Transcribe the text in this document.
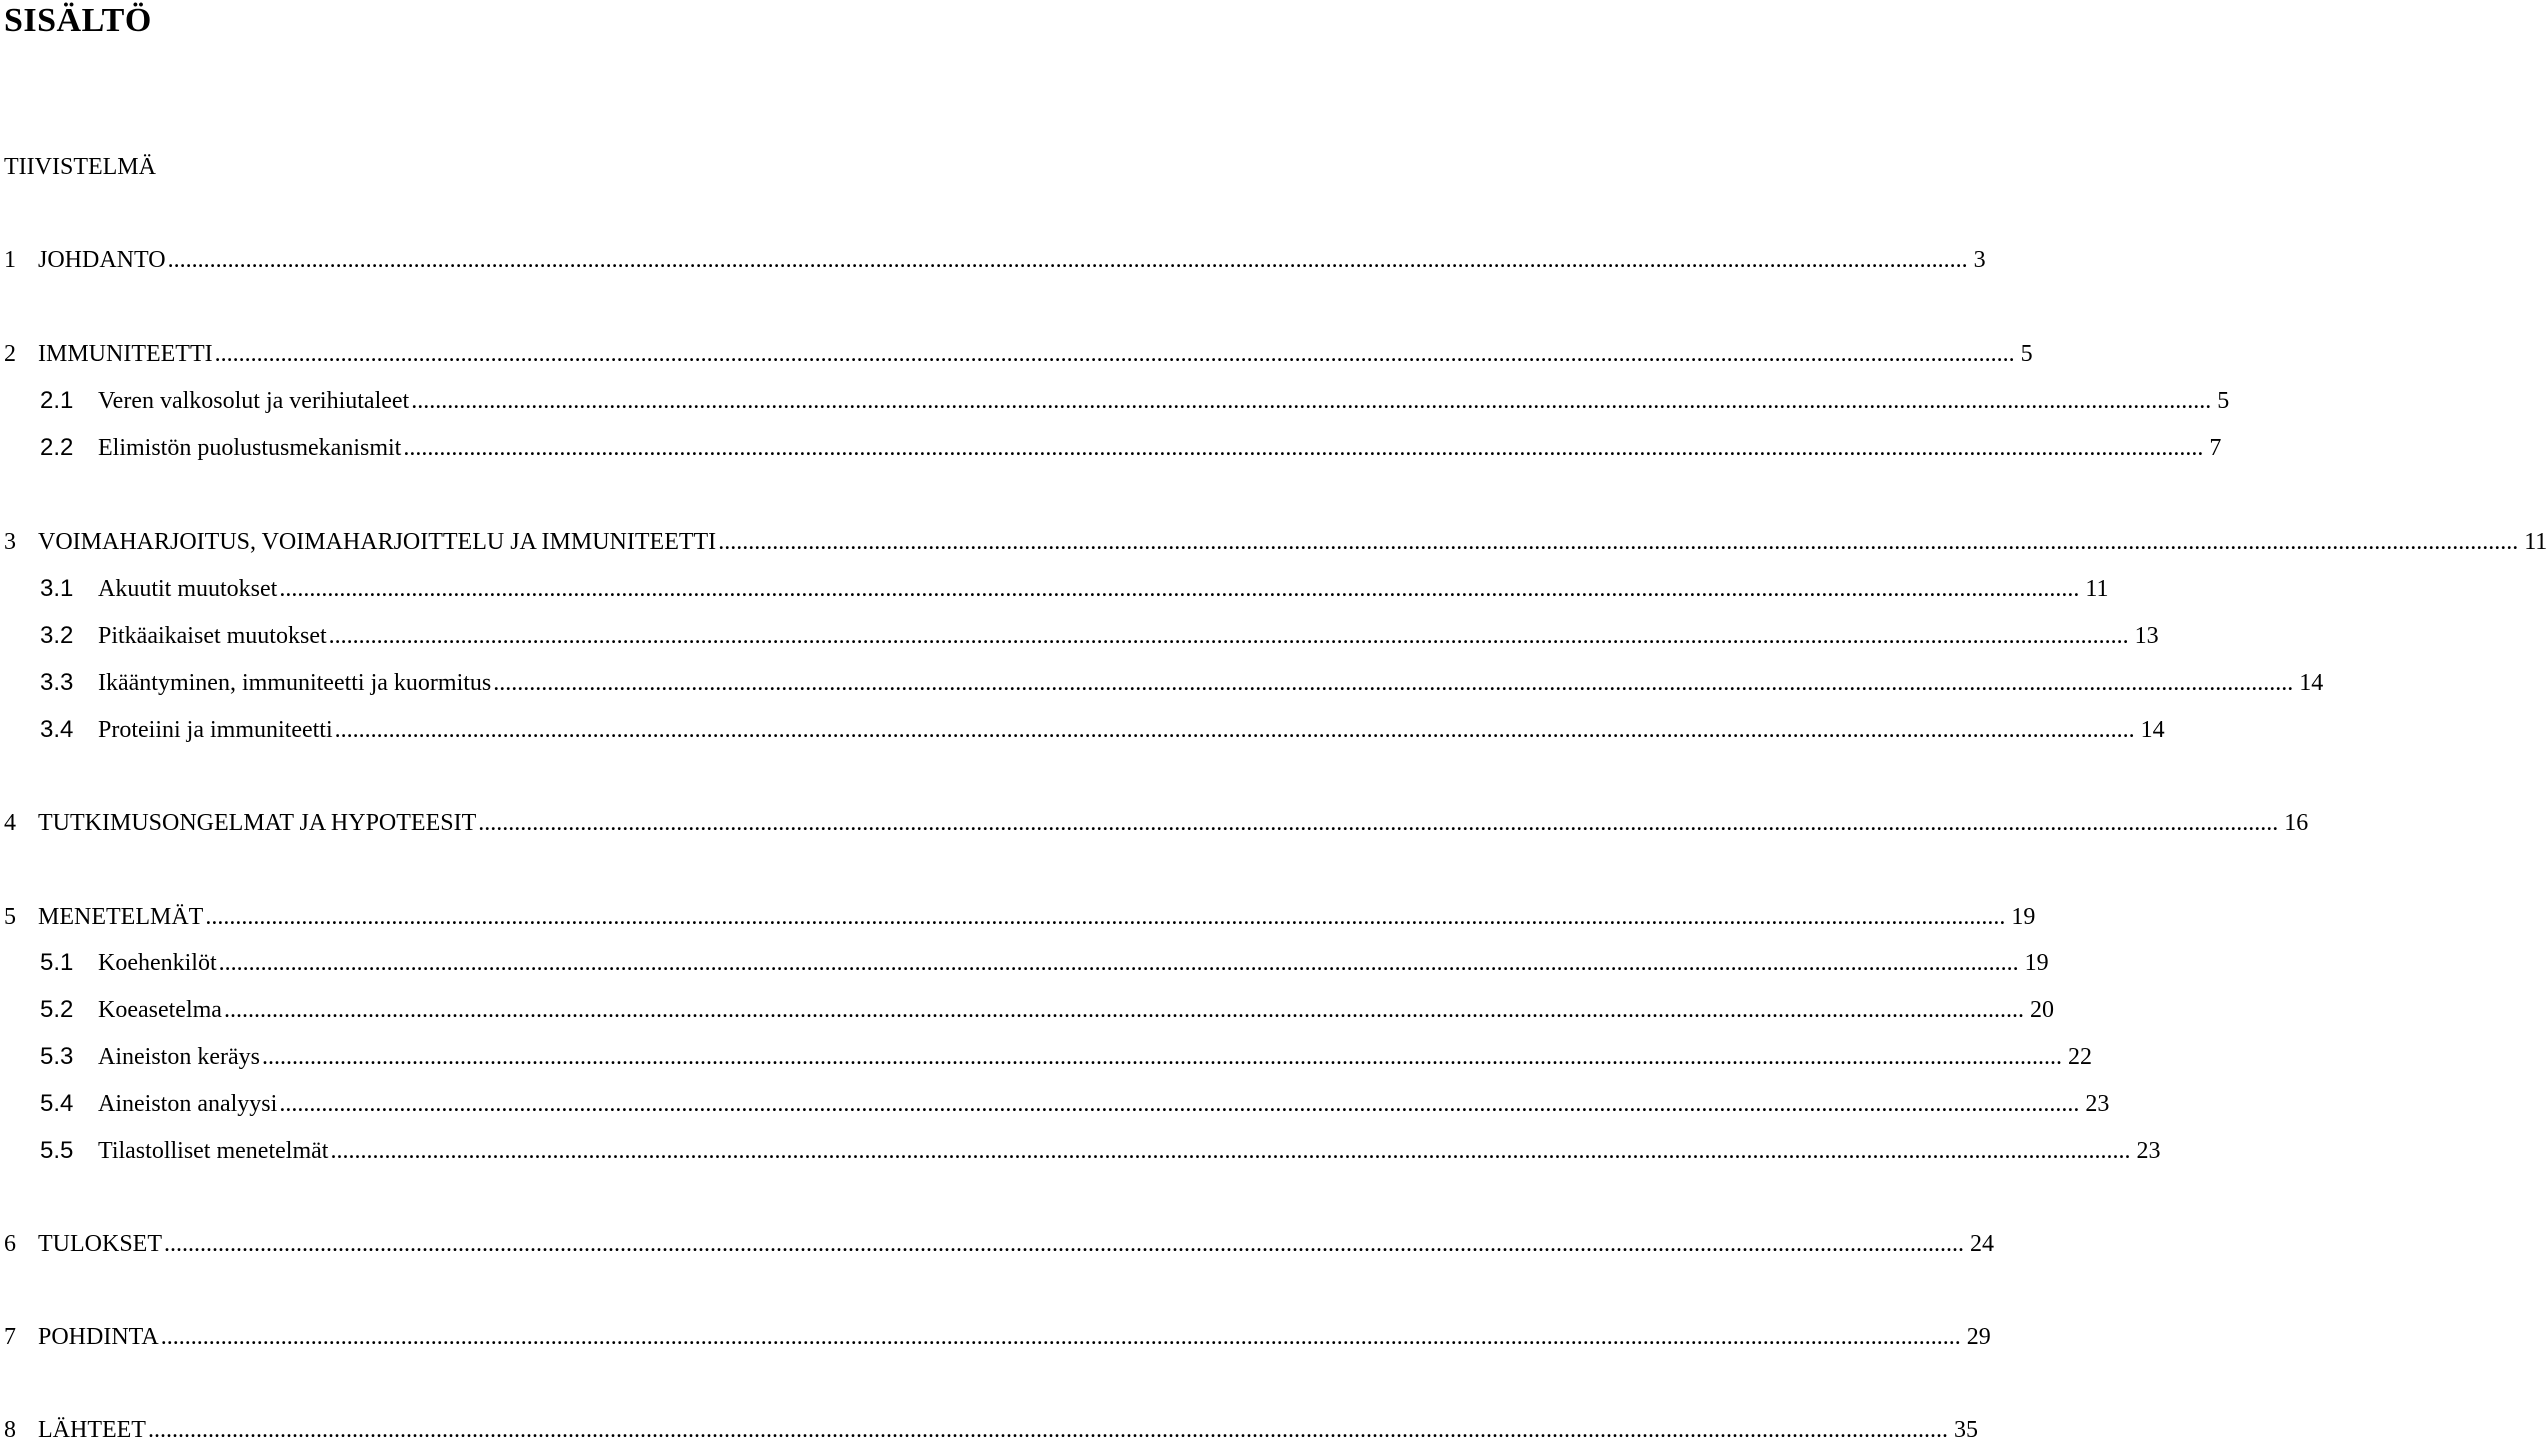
SISÄLTÖ
TIIVISTELMÄ
1 JOHDANTO ............................................................................................................................................................................................................................................................................................................ 3
2 IMMUNITEETTI ............................................................................................................................................................................................................................................................................................................ 5
2.1 Veren valkosolut ja verihiutaleet ............................................................................................................................................................................................................................................................................................................ 5
2.2 Elimistön puolustusmekanismit ............................................................................................................................................................................................................................................................................................................ 7
3 VOIMAHARJOITUS, VOIMAHARJOITTELU JA IMMUNITEETTI ............................................................................................................................................................................................................................................................................................................ 11
3.1 Akuutit muutokset ............................................................................................................................................................................................................................................................................................................ 11
3.2 Pitkäaikaiset muutokset ............................................................................................................................................................................................................................................................................................................ 13
3.3 Ikääntyminen, immuniteetti ja kuormitus ............................................................................................................................................................................................................................................................................................................ 14
3.4 Proteiini ja immuniteetti ............................................................................................................................................................................................................................................................................................................ 14
4 TUTKIMUSONGELMAT JA HYPOTEESIT ............................................................................................................................................................................................................................................................................................................ 16
5 MENETELMÄT ............................................................................................................................................................................................................................................................................................................ 19
5.1 Koehenkilöt ............................................................................................................................................................................................................................................................................................................ 19
5.2 Koeasetelma ............................................................................................................................................................................................................................................................................................................ 20
5.3 Aineiston keräys ............................................................................................................................................................................................................................................................................................................ 22
5.4 Aineiston analyysi ............................................................................................................................................................................................................................................................................................................ 23
5.5 Tilastolliset menetelmät ............................................................................................................................................................................................................................................................................................................ 23
6 TULOKSET ............................................................................................................................................................................................................................................................................................................ 24
7 POHDINTA ............................................................................................................................................................................................................................................................................................................ 29
8 LÄHTEET ............................................................................................................................................................................................................................................................................................................ 35
